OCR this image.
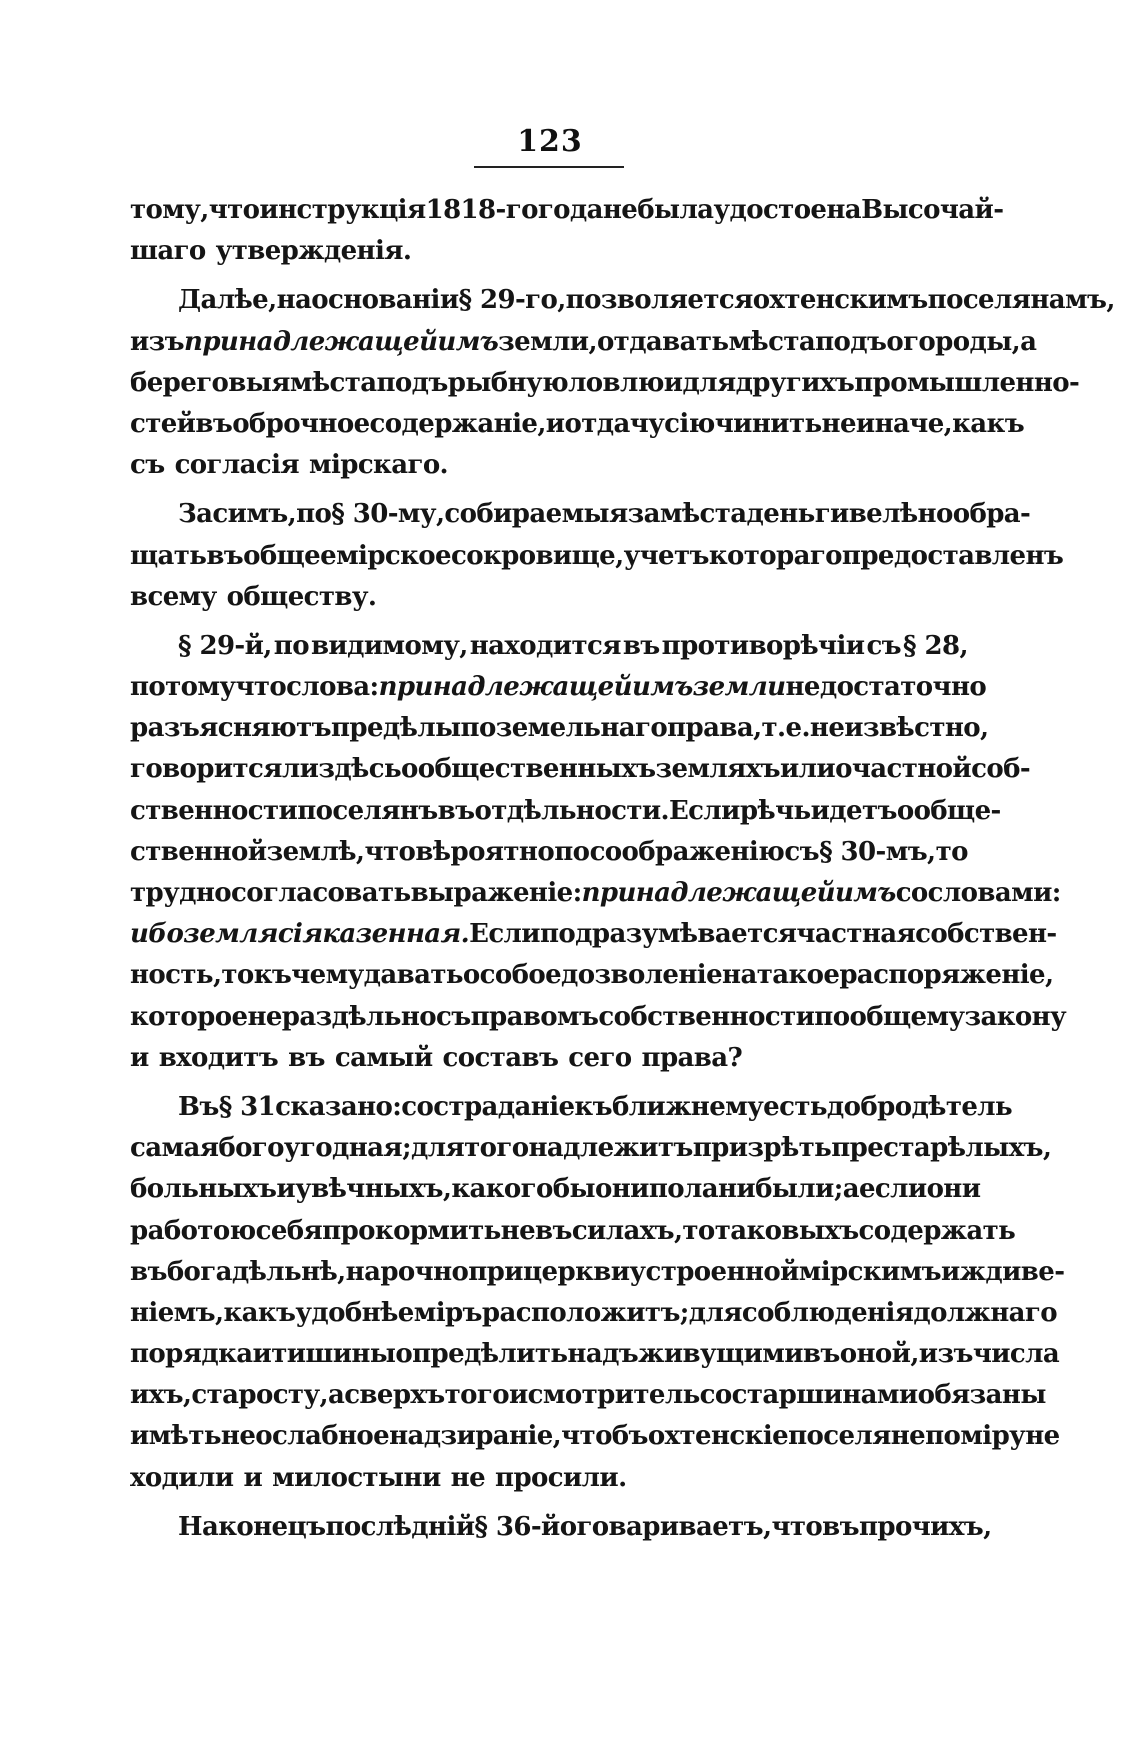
123
тому, что инструкція 1818-го года не была удостоена Высочай-
шаго утвержденія.
Далѣе, на основаніи § 29-го, позволяется охтенскимъ поселянамъ,
изъ принадлежащей имъ земли, отдавать мѣста подъ огороды, а
береговыя мѣста подъ рыбную ловлю и для другихъ промышленно-
стей въ оброчное содержаніе, и отдачу сію чинить не иначе, какъ
съ согласія мірскаго.
Засимъ, по § 30-му, собираемыя за мѣста деньги велѣно обра-
щать въ общее мірское сокровище, учетъ котораго предоставленъ
всему обществу.
§ 29-й, по видимому, находится въ противорѣчіи съ § 28,
потому что слова: принадлежащей имъ земли недостаточно
разъясняютъ предѣлы поземельнаго права, т. е. неизвѣстно,
говорится ли здѣсь о общественныхъ земляхъ или о частной соб-
ственности поселянъ въ отдѣльности. Если рѣчь идетъ о обще-
ственной землѣ, что вѣроятно по соображенію съ § 30-мъ, то
трудно согласовать выраженіе: принадлежащей имъ со словами:
ибо земля сія казенная. Если подразумѣвается частная собствен-
ность, то къ чему давать особое дозволеніе на такое распоряженіе,
которое нераздѣльно съ правомъ собственности по общему закону
и входитъ въ самый составъ сего права?
Въ § 31 сказано: состраданіе къ ближнему есть добродѣтель
самая богоугодная; для того надлежитъ призрѣть престарѣлыхъ,
больныхъ и увѣчныхъ, какого бы они пола ни были; а если они
работою себя прокормить не въ силахъ, то таковыхъ содержать
въ богадѣльнѣ, нарочно при церкви устроенной мірскимъ иждиве-
ніемъ, какъ удобнѣе міръ расположитъ; для соблюденія должнаго
порядка и тишины опредѣлить надъ живущими въ оной, изъ числа
ихъ, старосту, а сверхъ того и смотритель со старшинами обязаны
имѣть неослабное надзираніе, чтобъ охтенскіе поселяне по міру не
ходили и милостыни не просили.
Наконецъ послѣдній § 36-й оговариваетъ, что въ прочихъ,
